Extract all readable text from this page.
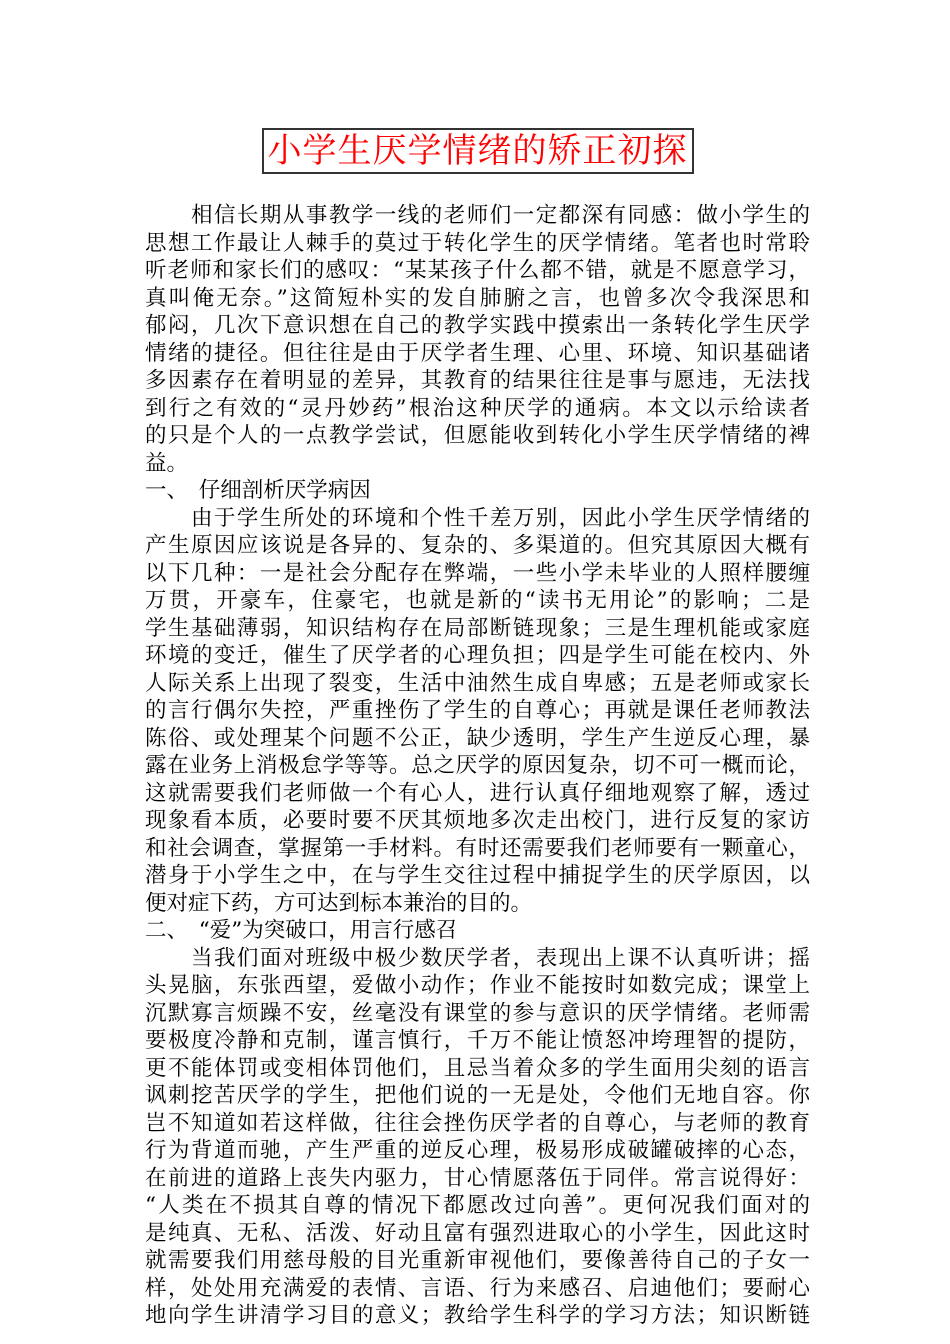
小学生厌学情绪的矫正初探
　　相信长期从事教学一线的老师们一定都深有同感：做小学生的
思想工作最让人棘手的莫过于转化学生的厌学情绪。笔者也时常聆
听老师和家长们的感叹：“某某孩子什么都不错，就是不愿意学习，
真叫俺无奈。”这简短朴实的发自肺腑之言，也曾多次令我深思和
郁闷，几次下意识想在自己的教学实践中摸索出一条转化学生厌学
情绪的捷径。但往往是由于厌学者生理、心里、环境、知识基础诸
多因素存在着明显的差异，其教育的结果往往是事与愿违，无法找
到行之有效的“灵丹妙药”根治这种厌学的通病。本文以示给读者
的只是个人的一点教学尝试，但愿能收到转化小学生厌学情绪的裨
益。
一、　仔细剖析厌学病因
　　由于学生所处的环境和个性千差万别，因此小学生厌学情绪的
产生原因应该说是各异的、复杂的、多渠道的。但究其原因大概有
以下几种：一是社会分配存在弊端，一些小学未毕业的人照样腰缠
万贯，开豪车，住豪宅，也就是新的“读书无用论”的影响；二是
学生基础薄弱，知识结构存在局部断链现象；三是生理机能或家庭
环境的变迁，催生了厌学者的心理负担；四是学生可能在校内、外
人际关系上出现了裂变，生活中油然生成自卑感；五是老师或家长
的言行偶尔失控，严重挫伤了学生的自尊心；再就是课任老师教法
陈俗、或处理某个问题不公正，缺少透明，学生产生逆反心理，暴
露在业务上消极怠学等等。总之厌学的原因复杂，切不可一概而论，
这就需要我们老师做一个有心人，进行认真仔细地观察了解，透过
现象看本质，必要时要不厌其烦地多次走出校门，进行反复的家访
和社会调查，掌握第一手材料。有时还需要我们老师要有一颗童心，
潜身于小学生之中，在与学生交往过程中捕捉学生的厌学原因，以
便对症下药，方可达到标本兼治的目的。
二、　“爱”为突破口，用言行感召
　　当我们面对班级中极少数厌学者，表现出上课不认真听讲；摇
头晃脑，东张西望，爱做小动作；作业不能按时如数完成；课堂上
沉默寡言烦躁不安，丝毫没有课堂的参与意识的厌学情绪。老师需
要极度冷静和克制，谨言慎行，千万不能让愤怒冲垮理智的提防，
更不能体罚或变相体罚他们，且忌当着众多的学生面用尖刻的语言
讽刺挖苦厌学的学生，把他们说的一无是处，令他们无地自容。你
岂不知道如若这样做，往往会挫伤厌学者的自尊心，与老师的教育
行为背道而驰，产生严重的逆反心理，极易形成破罐破摔的心态，
在前进的道路上丧失内驱力，甘心情愿落伍于同伴。常言说得好：
“人类在不损其自尊的情况下都愿改过向善”。更何况我们面对的
是纯真、无私、活泼、好动且富有强烈进取心的小学生，因此这时
就需要我们用慈母般的目光重新审视他们，要像善待自己的子女一
样，处处用充满爱的表情、言语、行为来感召、启迪他们；要耐心
地向学生讲清学习目的意义；教给学生科学的学习方法；知识断链
